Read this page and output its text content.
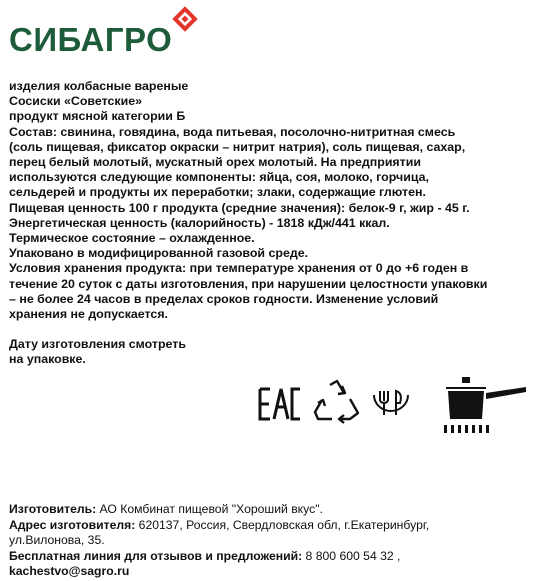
СИБАГРО

изделия колбасные вареные

Сосиски «Советские»

продукт мясной категории Б

Состав: свинина, говядина, вода питьевая, посолочно-нитритная смесь

(соль пищевая, фиксатор окраски – нитрит натрия), соль пищевая, сахар,

перец белый молотый, мускатный орех молотый. На предприятии

используются следующие компоненты: яйца, соя, молоко, горчица,

сельдерей и продукты их переработки; злаки, содержащие глютен.

Пищевая ценность 100 г продукта (средние значения): белок-9 г, жир - 45 г.

Энергетическая ценность (калорийность) - 1818 кДж/441 ккал.

Термическое состояние – охлажденное.

Упаковано в модифицированной газовой среде.

Условия хранения продукта: при температуре хранения от 0 до +6 годен в

течение 20 суток с даты изготовления, при нарушении целостности упаковки

– не более 24 часов в пределах сроков годности. Изменение условий

хранения не допускается.

Дату изготовления смотреть

на упаковке.

Изготовитель: АО Комбинат пищевой "Хороший вкус".

Адрес изготовителя: 620137, Россия, Свердловская обл, г.Екатеринбург,

ул.Вилонова, 35.

Бесплатная линия для отзывов и предложений: 8 800 600 54 32 ,

kachestvo@sagro.ru
